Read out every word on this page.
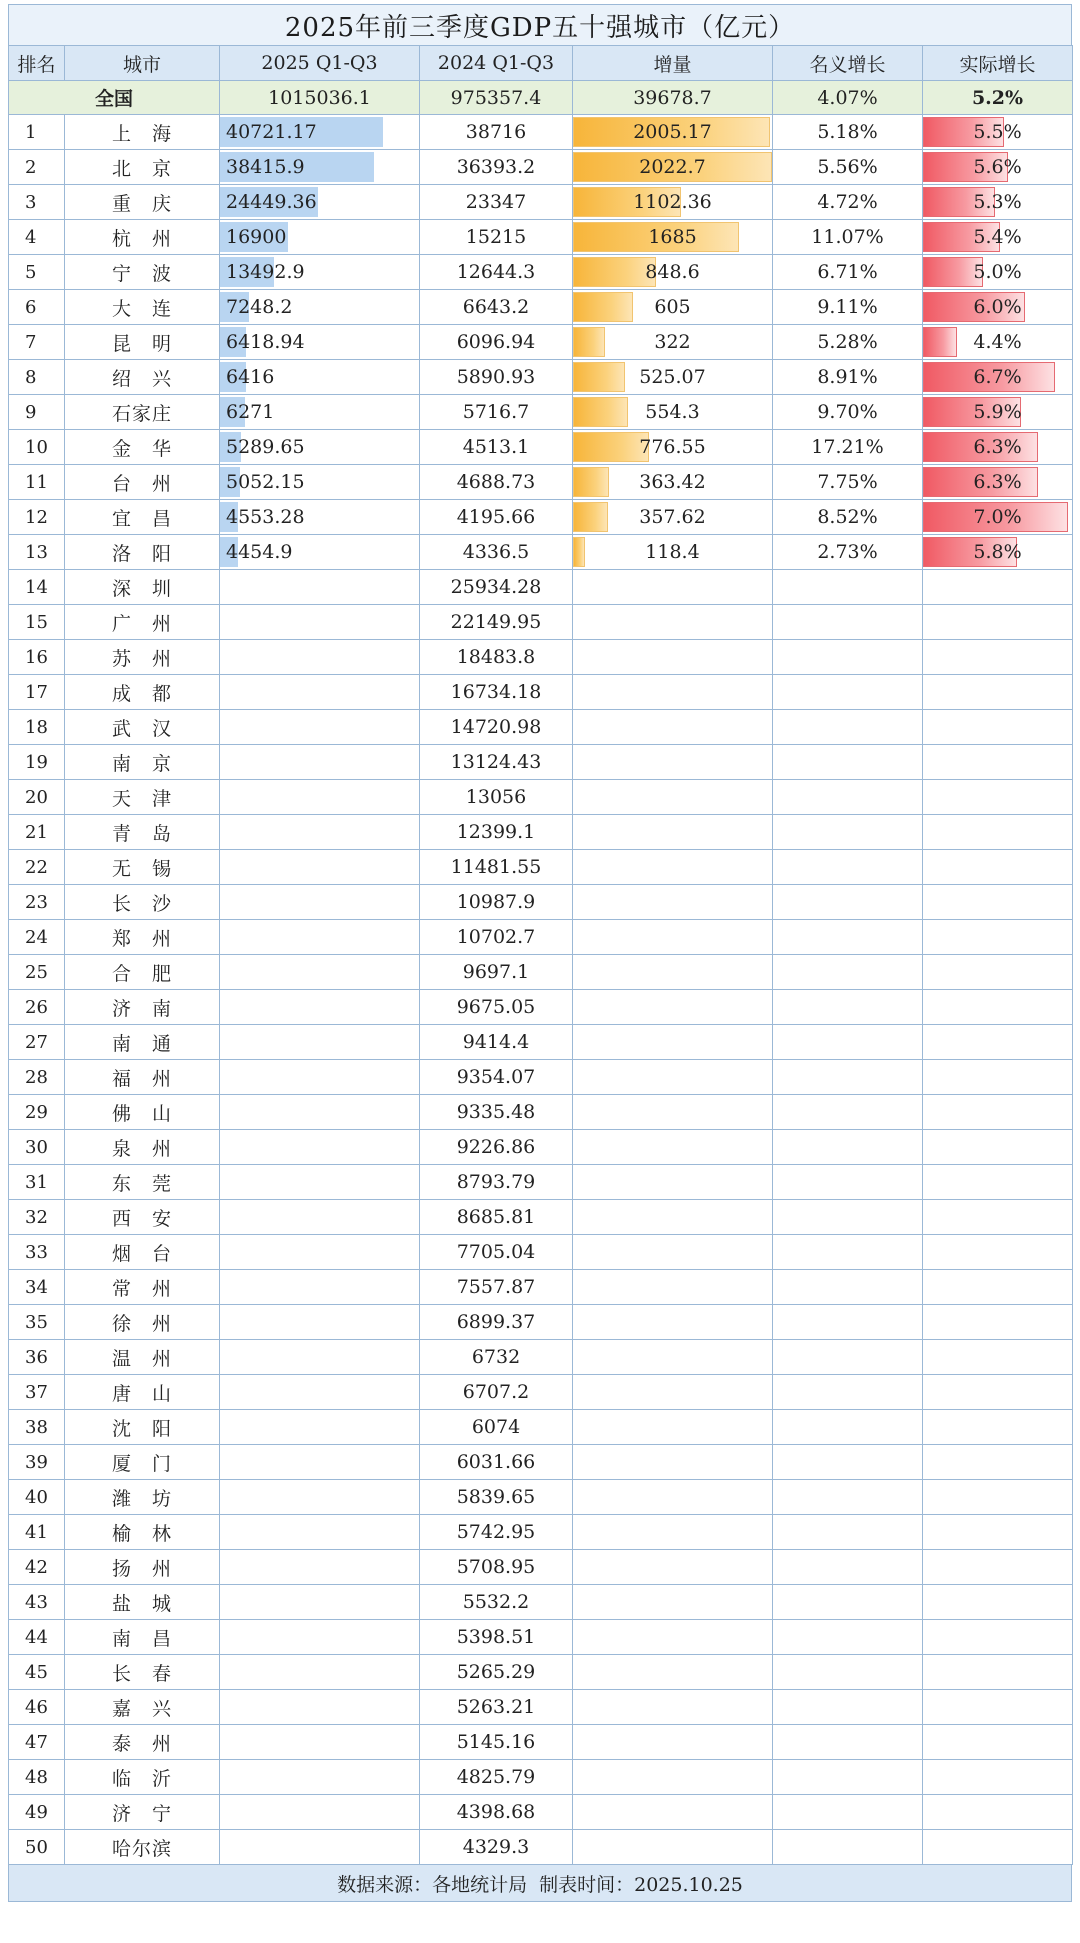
2025年前三季度GDP五十强城市（亿元）
排名	城市	2025 Q1-Q3	2024 Q1-Q3	增量	名义增长	实际增长
全国		1015036.1	975357.4	39678.7	4.07%	5.2%
1	上　海	40721.17	38716	2005.17	5.18%	5.5%

2	北　京	38415.9	36393.2	2022.7	5.56%	5.6%

3	重　庆	24449.36	23347	1102.36	4.72%	5.3%

4	杭　州	16900	15215	1685	11.07%	5.4%

5	宁　波	13492.9	12644.3	848.6	6.71%	5.0%

6	大　连	7248.2	6643.2	605	9.11%	6.0%

7	昆　明	6418.94	6096.94	322	5.28%	4.4%

8	绍　兴	6416	5890.93	525.07	8.91%	6.7%

9	石家庄	6271	5716.7	554.3	9.70%	5.9%

10	金　华	5289.65	4513.1	776.55	17.21%	6.3%

11	台　州	5052.15	4688.73	363.42	7.75%	6.3%

12	宜　昌	4553.28	4195.66	357.62	8.52%	7.0%

13	洛　阳	4454.9	4336.5	118.4	2.73%	5.8%

14	深　圳		25934.28	

15	广　州		22149.95	

16	苏　州		18483.8	

17	成　都		16734.18	

18	武　汉		14720.98	

19	南　京		13124.43	

20	天　津		13056	

21	青　岛		12399.1	

22	无　锡		11481.55	

23	长　沙		10987.9	

24	郑　州		10702.7	

25	合　肥		9697.1	

26	济　南		9675.05	

27	南　通		9414.4	

28	福　州		9354.07	

29	佛　山		9335.48	

30	泉　州		9226.86	

31	东　莞		8793.79	

32	西　安		8685.81	

33	烟　台		7705.04	

34	常　州		7557.87	

35	徐　州		6899.37	

36	温　州		6732	

37	唐　山		6707.2	

38	沈　阳		6074	

39	厦　门		6031.66	

40	潍　坊		5839.65	

41	榆　林		5742.95	

42	扬　州		5708.95	

43	盐　城		5532.2	

44	南　昌		5398.51	

45	长　春		5265.29	

46	嘉　兴		5263.21	

47	泰　州		5145.16	

48	临　沂		4825.79	

49	济　宁		4398.68	

50	哈尔滨		4329.3	

数据来源：各地统计局 制表时间：2025.10.25
